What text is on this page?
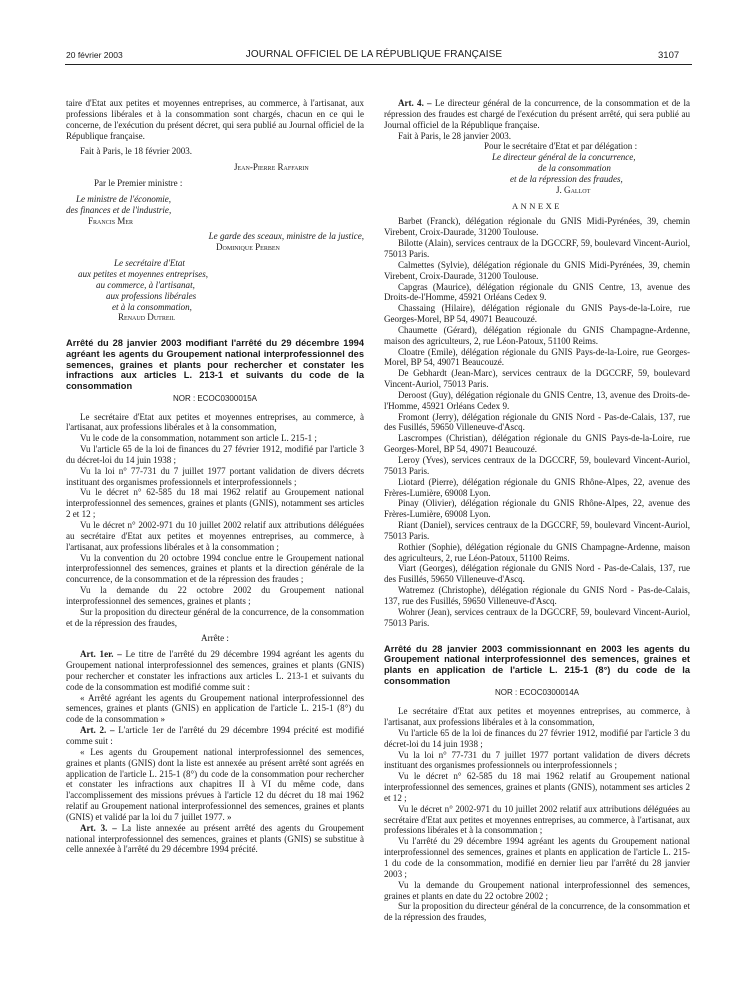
20 février 2003	JOURNAL OFFICIEL DE LA RÉPUBLIQUE FRANÇAISE	3107

taire d'Etat aux petites et moyennes entreprises, au commerce, à l'artisanat, aux professions libérales et à la consommation sont chargés, chacun en ce qui le concerne, de l'exécution du présent décret, qui sera publié au Journal officiel de la République française.

Fait à Paris, le 18 février 2003.

Jean-Pierre Raffarin

Par le Premier ministre :

Le ministre de l'économie,

des finances et de l'industrie,

Francis Mer

Le garde des sceaux, ministre de la justice,

Dominique Perben

Le secrétaire d'Etat

aux petites et moyennes entreprises,

au commerce, à l'artisanat,

aux professions libérales

et à la consommation,

Renaud Dutreil

Arrêté du 28 janvier 2003 modifiant l'arrêté du 29 décembre 1994 agréant les agents du Groupement national interprofessionnel des semences, graines et plants pour rechercher et constater les infractions aux articles L. 213-1 et suivants du code de la consommation

NOR : ECOC0300015A

Le secrétaire d'Etat aux petites et moyennes entreprises, au commerce, à l'artisanat, aux professions libérales et à la consommation,

Vu le code de la consommation, notamment son article L. 215-1 ;

Vu l'article 65 de la loi de finances du 27 février 1912, modifié par l'article 3 du décret-loi du 14 juin 1938 ;

Vu la loi n° 77-731 du 7 juillet 1977 portant validation de divers décrets instituant des organismes professionnels et interprofessionnels ;

Vu le décret n° 62-585 du 18 mai 1962 relatif au Groupement national interprofessionnel des semences, graines et plants (GNIS), notamment ses articles 2 et 12 ;

Vu le décret n° 2002-971 du 10 juillet 2002 relatif aux attributions déléguées au secrétaire d'Etat aux petites et moyennes entreprises, au commerce, à l'artisanat, aux professions libérales et à la consommation ;

Vu la convention du 20 octobre 1994 conclue entre le Groupement national interprofessionnel des semences, graines et plants et la direction générale de la concurrence, de la consommation et de la répression des fraudes ;

Vu la demande du 22 octobre 2002 du Groupement national interprofessionnel des semences, graines et plants ;

Sur la proposition du directeur général de la concurrence, de la consommation et de la répression des fraudes,

Arrête :

Art. 1er. – Le titre de l'arrêté du 29 décembre 1994 agréant les agents du Groupement national interprofessionnel des semences, graines et plants (GNIS) pour rechercher et constater les infractions aux articles L. 213-1 et suivants du code de la consommation est modifié comme suit :

« Arrêté agréant les agents du Groupement national interprofessionnel des semences, graines et plants (GNIS) en application de l'article L. 215-1 (8°) du code de la consommation »

Art. 2. – L'article 1er de l'arrêté du 29 décembre 1994 précité est modifié comme suit :

« Les agents du Groupement national interprofessionnel des semences, graines et plants (GNIS) dont la liste est annexée au présent arrêté sont agréés en application de l'article L. 215-1 (8°) du code de la consommation pour rechercher et constater les infractions aux chapitres II à VI du même code, dans l'accomplissement des missions prévues à l'article 12 du décret du 18 mai 1962 relatif au Groupement national interprofessionnel des semences, graines et plants (GNIS) et validé par la loi du 7 juillet 1977. »

Art. 3. – La liste annexée au présent arrêté des agents du Groupement national interprofessionnel des semences, graines et plants (GNIS) se substitue à celle annexée à l'arrêté du 29 décembre 1994 précité.

Art. 4. – Le directeur général de la concurrence, de la consommation et de la répression des fraudes est chargé de l'exécution du présent arrêté, qui sera publié au Journal officiel de la République française.

Fait à Paris, le 28 janvier 2003.

Pour le secrétaire d'Etat et par délégation :

Le directeur général de la concurrence,

de la consommation

et de la répression des fraudes,

J. Gallot

ANNEXE

Barbet (Franck), délégation régionale du GNIS Midi-Pyrénées, 39, chemin Virebent, Croix-Daurade, 31200 Toulouse.

Bilotte (Alain), services centraux de la DGCCRF, 59, boulevard Vincent-Auriol, 75013 Paris.

Calmettes (Sylvie), délégation régionale du GNIS Midi-Pyrénées, 39, chemin Virebent, Croix-Daurade, 31200 Toulouse.

Capgras (Maurice), délégation régionale du GNIS Centre, 13, avenue des Droits-de-l'Homme, 45921 Orléans Cedex 9.

Chassaing (Hilaire), délégation régionale du GNIS Pays-de-la-Loire, rue Georges-Morel, BP 54, 49071 Beaucouzé.

Chaumette (Gérard), délégation régionale du GNIS Champagne-Ardenne, maison des agriculteurs, 2, rue Léon-Patoux, 51100 Reims.

Cloatre (Emile), délégation régionale du GNIS Pays-de-la-Loire, rue Georges-Morel, BP 54, 49071 Beaucouzé.

De Gebhardt (Jean-Marc), services centraux de la DGCCRF, 59, boulevard Vincent-Auriol, 75013 Paris.

Deroost (Guy), délégation régionale du GNIS Centre, 13, avenue des Droits-de-l'Homme, 45921 Orléans Cedex 9.

Fromont (Jerry), délégation régionale du GNIS Nord - Pas-de-Calais, 137, rue des Fusillés, 59650 Villeneuve-d'Ascq.

Lascrompes (Christian), délégation régionale du GNIS Pays-de-la-Loire, rue Georges-Morel, BP 54, 49071 Beaucouzé.

Leroy (Yves), services centraux de la DGCCRF, 59, boulevard Vincent-Auriol, 75013 Paris.

Liotard (Pierre), délégation régionale du GNIS Rhône-Alpes, 22, avenue des Frères-Lumière, 69008 Lyon.

Pinay (Olivier), délégation régionale du GNIS Rhône-Alpes, 22, avenue des Frères-Lumière, 69008 Lyon.

Riant (Daniel), services centraux de la DGCCRF, 59, boulevard Vincent-Auriol, 75013 Paris.

Rothier (Sophie), délégation régionale du GNIS Champagne-Ardenne, maison des agriculteurs, 2, rue Léon-Patoux, 51100 Reims.

Viart (Georges), délégation régionale du GNIS Nord - Pas-de-Calais, 137, rue des Fusillés, 59650 Villeneuve-d'Ascq.

Watremez (Christophe), délégation régionale du GNIS Nord - Pas-de-Calais, 137, rue des Fusillés, 59650 Villeneuve-d'Ascq.

Wohrer (Jean), services centraux de la DGCCRF, 59, boulevard Vincent-Auriol, 75013 Paris.

Arrêté du 28 janvier 2003 commissionnant en 2003 les agents du Groupement national interprofessionnel des semences, graines et plants en application de l'article L. 215-1 (8°) du code de la consommation

NOR : ECOC0300014A

Le secrétaire d'Etat aux petites et moyennes entreprises, au commerce, à l'artisanat, aux professions libérales et à la consommation,

Vu l'article 65 de la loi de finances du 27 février 1912, modifié par l'article 3 du décret-loi du 14 juin 1938 ;

Vu la loi n° 77-731 du 7 juillet 1977 portant validation de divers décrets instituant des organismes professionnels ou interprofessionnels ;

Vu le décret n° 62-585 du 18 mai 1962 relatif au Groupement national interprofessionnel des semences, graines et plants (GNIS), notamment ses articles 2 et 12 ;

Vu le décret n° 2002-971 du 10 juillet 2002 relatif aux attributions déléguées au secrétaire d'Etat aux petites et moyennes entreprises, au commerce, à l'artisanat, aux professions libérales et à la consommation ;

Vu l'arrêté du 29 décembre 1994 agréant les agents du Groupement national interprofessionnel des semences, graines et plants en application de l'article L. 215-1 du code de la consommation, modifié en dernier lieu par l'arrêté du 28 janvier 2003 ;

Vu la demande du Groupement national interprofessionnel des semences, graines et plants en date du 22 octobre 2002 ;

Sur la proposition du directeur général de la concurrence, de la consommation et de la répression des fraudes,
